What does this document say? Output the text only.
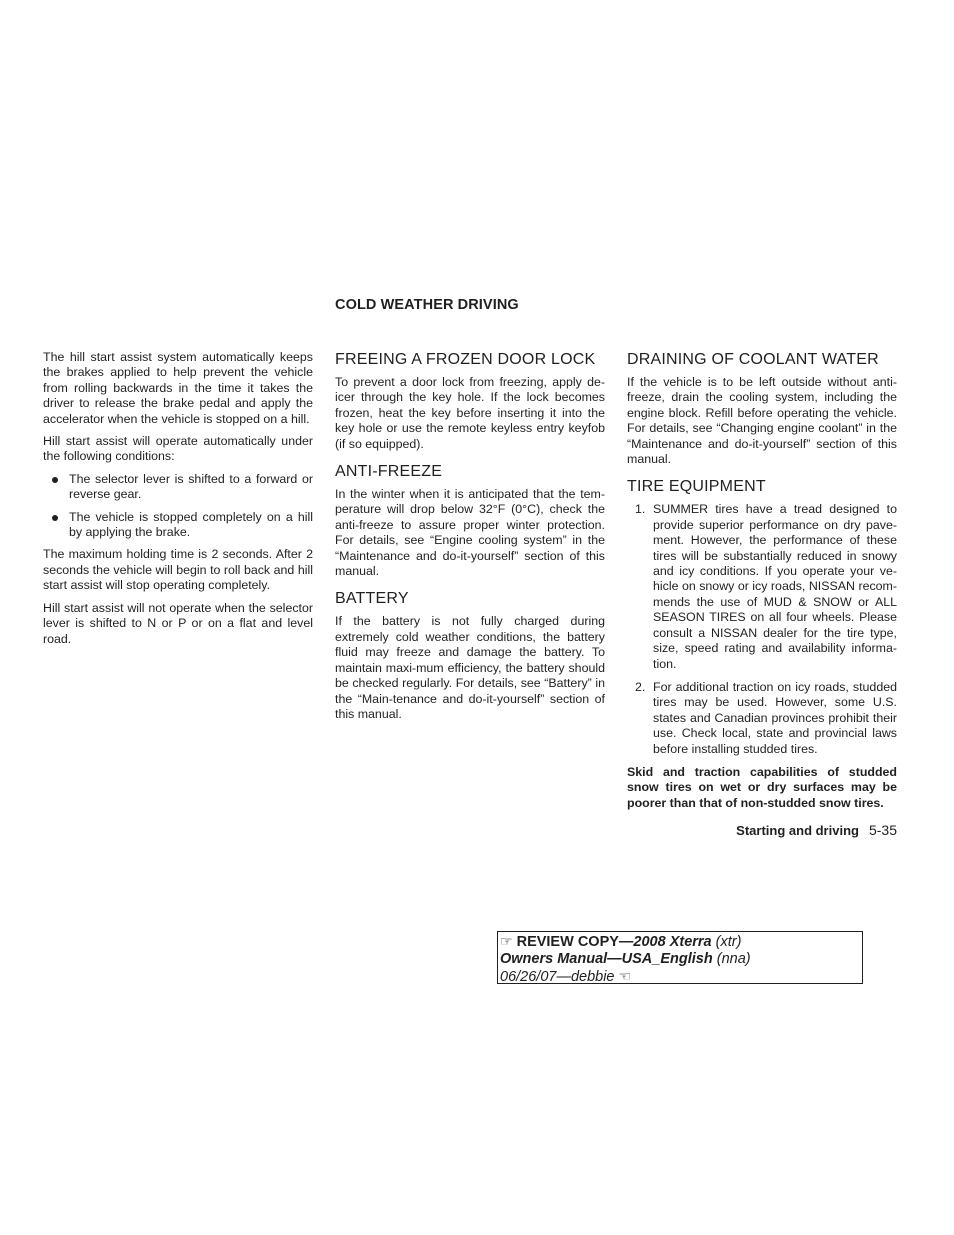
COLD WEATHER DRIVING

The hill start assist system automatically keeps the brakes applied to help prevent the vehicle from rolling backwards in the time it takes the driver to release the brake pedal and apply the accelerator when the vehicle is stopped on a hill.

Hill start assist will operate automatically under the following conditions:

The selector lever is shifted to a forward or reverse gear.
The vehicle is stopped completely on a hill by applying the brake.

The maximum holding time is 2 seconds. After 2 seconds the vehicle will begin to roll back and hill start assist will stop operating completely.

Hill start assist will not operate when the selector lever is shifted to N or P or on a flat and level road.

FREEING A FROZEN DOOR LOCK

To prevent a door lock from freezing, apply de-icer through the key hole. If the lock becomes frozen, heat the key before inserting it into the key hole or use the remote keyless entry keyfob (if so equipped).

ANTI-FREEZE

In the winter when it is anticipated that the tem-perature will drop below 32°F (0°C), check the anti-freeze to assure proper winter protection. For details, see “Engine cooling system” in the “Maintenance and do-it-yourself” section of this manual.

BATTERY

If the battery is not fully charged during extremely cold weather conditions, the battery fluid may freeze and damage the battery. To maintain maxi-mum efficiency, the battery should be checked regularly. For details, see “Battery” in the “Main-tenance and do-it-yourself” section of this manual.

DRAINING OF COOLANT WATER

If the vehicle is to be left outside without anti-freeze, drain the cooling system, including the engine block. Refill before operating the vehicle. For details, see “Changing engine coolant” in the “Maintenance and do-it-yourself” section of this manual.

TIRE EQUIPMENT
1. SUMMER tires have a tread designed to provide superior performance on dry pave-ment. However, the performance of these tires will be substantially reduced in snowy and icy conditions. If you operate your ve-hicle on snowy or icy roads, NISSAN recom-mends the use of MUD & SNOW or ALL SEASON TIRES on all four wheels. Please consult a NISSAN dealer for the tire type, size, speed rating and availability informa-tion.
2. For additional traction on icy roads, studded tires may be used. However, some U.S. states and Canadian provinces prohibit their use. Check local, state and provincial laws before installing studded tires.

Skid and traction capabilities of studded snow tires on wet or dry surfaces may be poorer than that of non-studded snow tires.

Starting and driving 5-35
☞ REVIEW COPY—2008 Xterra (xtr)
Owners Manual—USA_English (nna)
06/26/07—debbie ☜
